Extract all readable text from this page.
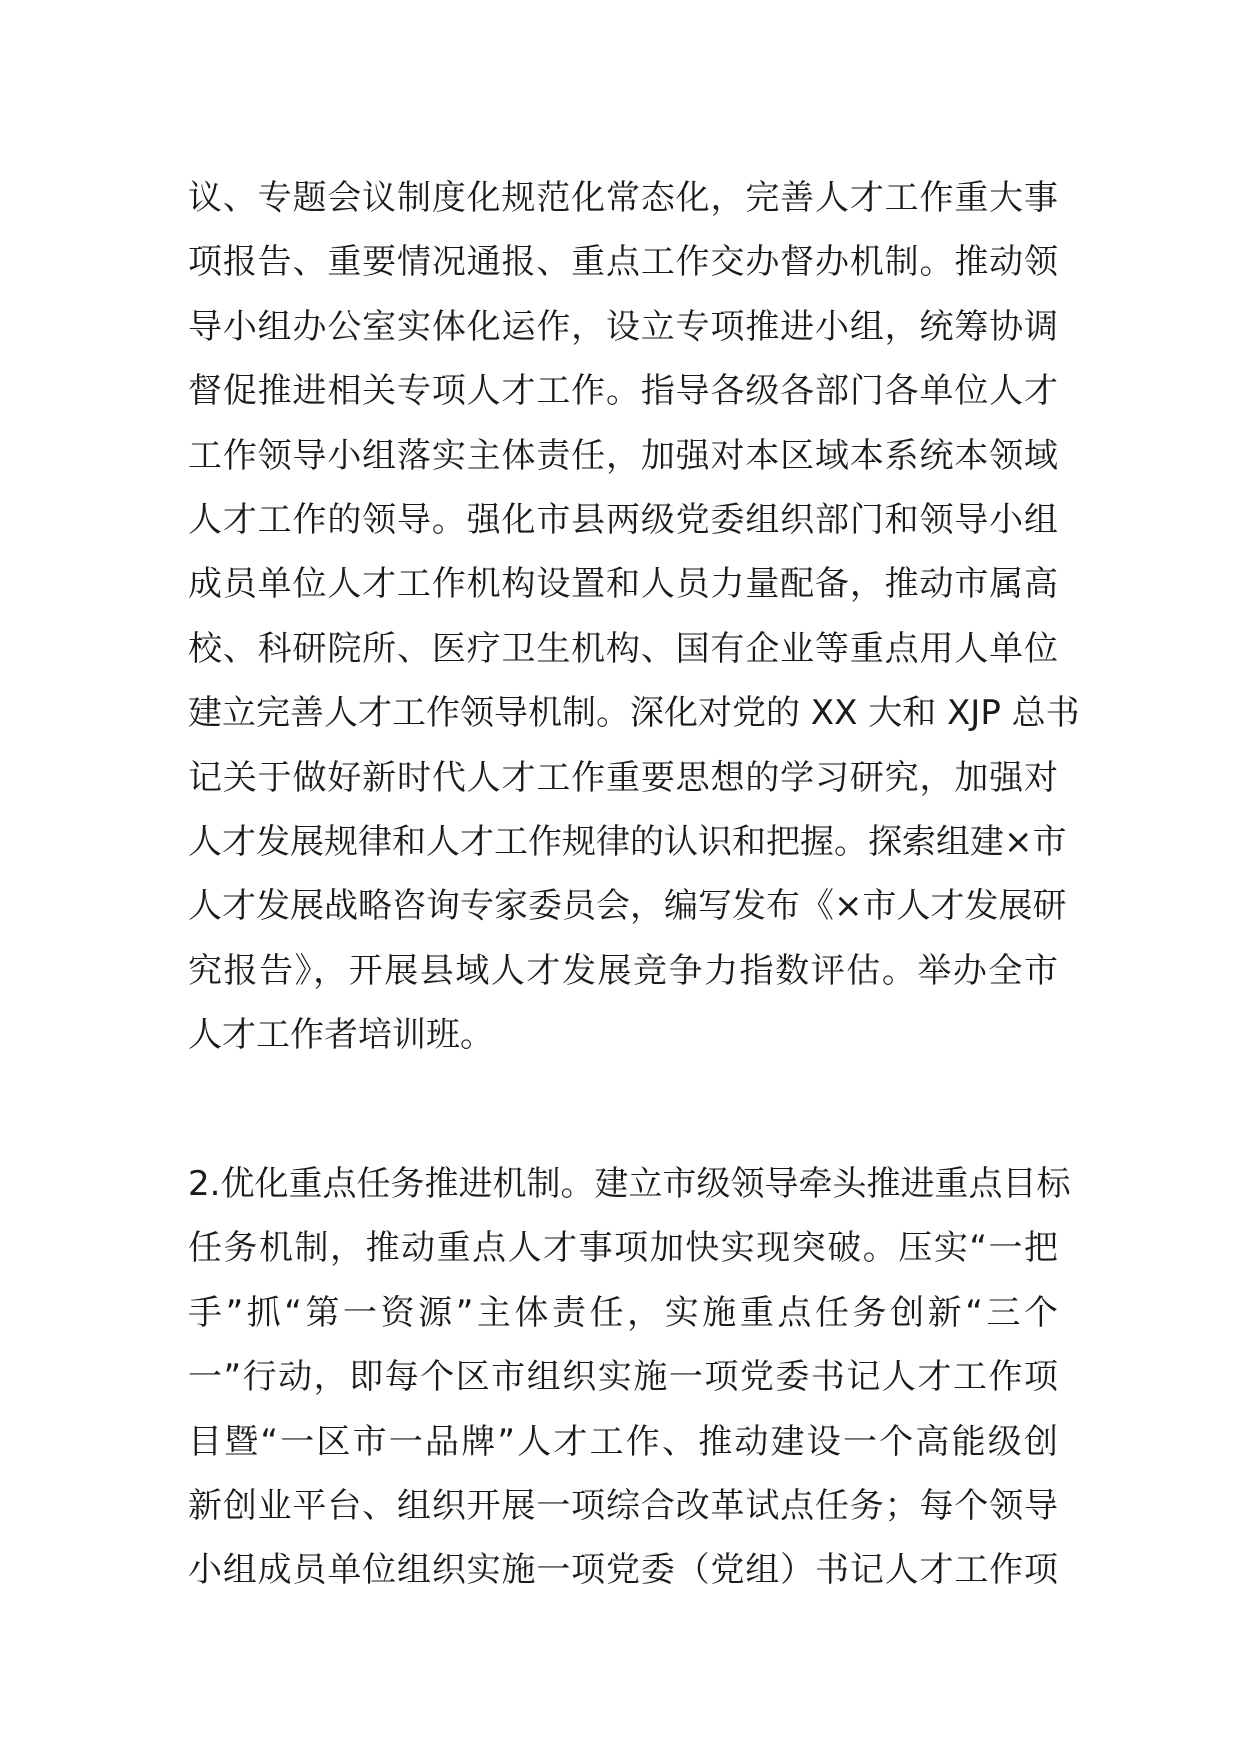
议、专题会议制度化规范化常态化，完善人才工作重大事
项报告、重要情况通报、重点工作交办督办机制。推动领
导小组办公室实体化运作，设立专项推进小组，统筹协调
督促推进相关专项人才工作。指导各级各部门各单位人才
工作领导小组落实主体责任，加强对本区域本系统本领域
人才工作的领导。强化市县两级党委组织部门和领导小组
成员单位人才工作机构设置和人员力量配备，推动市属高
校、科研院所、医疗卫生机构、国有企业等重点用人单位
建立完善人才工作领导机制。深化对党的 XX 大和 XJP 总书
记关于做好新时代人才工作重要思想的学习研究，加强对
人才发展规律和人才工作规律的认识和把握。探索组建×市
人才发展战略咨询专家委员会，编写发布《×市人才发展研
究报告》，开展县域人才发展竞争力指数评估。举办全市
人才工作者培训班。
2.优化重点任务推进机制。建立市级领导牵头推进重点目标
任务机制，推动重点人才事项加快实现突破。压实“一把
手”抓“第一资源”主体责任，实施重点任务创新“三个
一”行动，即每个区市组织实施一项党委书记人才工作项
目暨“一区市一品牌”人才工作、推动建设一个高能级创
新创业平台、组织开展一项综合改革试点任务；每个领导
小组成员单位组织实施一项党委（党组）书记人才工作项
